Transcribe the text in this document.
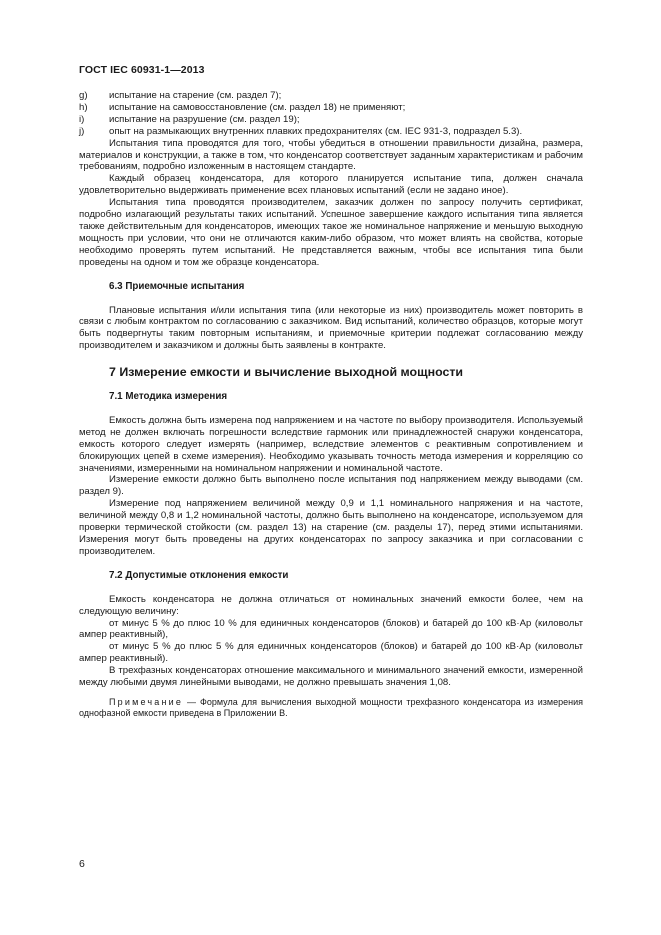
ГОСТ IEC 60931-1—2013
g)	испытание на старение (см. раздел 7);
h)	испытание на самовосстановление (см. раздел 18) не применяют;
i)	испытание на разрушение (см. раздел 19);
j)	опыт на размыкающих внутренних плавких предохранителях (см. IEC 931-3, подраздел 5.3).

Испытания типа проводятся для того, чтобы убедиться в отношении правильности дизайна, размера, материалов и конструкции, а также в том, что конденсатор соответствует заданным характеристикам и рабочим требованиям, подробно изложенным в настоящем стандарте.

Каждый образец конденсатора, для которого планируется испытание типа, должен сначала удовлетворительно выдерживать применение всех плановых испытаний (если не задано иное).

Испытания типа проводятся производителем, заказчик должен по запросу получить сертификат, подробно излагающий результаты таких испытаний. Успешное завершение каждого испытания типа является также действительным для конденсаторов, имеющих такое же номинальное напряжение и меньшую выходную мощность при условии, что они не отличаются каким-либо образом, что может влиять на свойства, которые необходимо проверять путем испытаний. Не представляется важным, чтобы все испытания типа были проведены на одном и том же образце конденсатора.

6.3 Приемочные испытания

Плановые испытания и/или испытания типа (или некоторые из них) производитель может повторить в связи с любым контрактом по согласованию с заказчиком. Вид испытаний, количество образцов, которые могут быть подвергнуты таким повторным испытаниям, и приемочные критерии подлежат согласованию между производителем и заказчиком и должны быть заявлены в контракте.

7 Измерение емкости и вычисление выходной мощности
7.1 Методика измерения

Емкость должна быть измерена под напряжением и на частоте по выбору производителя. Используемый метод не должен включать погрешности вследствие гармоник или принадлежностей снаружи конденсатора, емкость которого следует измерять (например, вследствие элементов с реактивным сопротивлением и блокирующих цепей в схеме измерения). Необходимо указывать точность метода измерения и корреляцию со значениями, измеренными на номинальном напряжении и номинальной частоте.

Измерение емкости должно быть выполнено после испытания под напряжением между выводами (см. раздел 9).

Измерение под напряжением величиной между 0,9 и 1,1 номинального напряжения и на частоте, величиной между 0,8 и 1,2 номинальной частоты, должно быть выполнено на конденсаторе, используемом для проверки термической стойкости (см. раздел 13) на старение (см. разделы 17), перед этими испытаниями. Измерения могут быть проведены на других конденсаторах по запросу заказчика и при согласовании с производителем.

7.2 Допустимые отклонения емкости

Емкость конденсатора не должна отличаться от номинальных значений емкости более, чем на следующую величину:

от минус 5 % до плюс 10 % для единичных конденсаторов (блоков) и батарей до 100 кВ·Ар (киловольт ампер реактивный),

от минус 5 % до плюс 5 % для единичных конденсаторов (блоков) и батарей до 100 кВ·Ар (киловольт ампер реактивный).

В трехфазных конденсаторах отношение максимального и минимального значений емкости, измеренной между любыми двумя линейными выводами, не должно превышать значения 1,08.

Примечание — Формула для вычисления выходной мощности трехфазного конденсатора из измерения однофазной емкости приведена в Приложении В.

6
